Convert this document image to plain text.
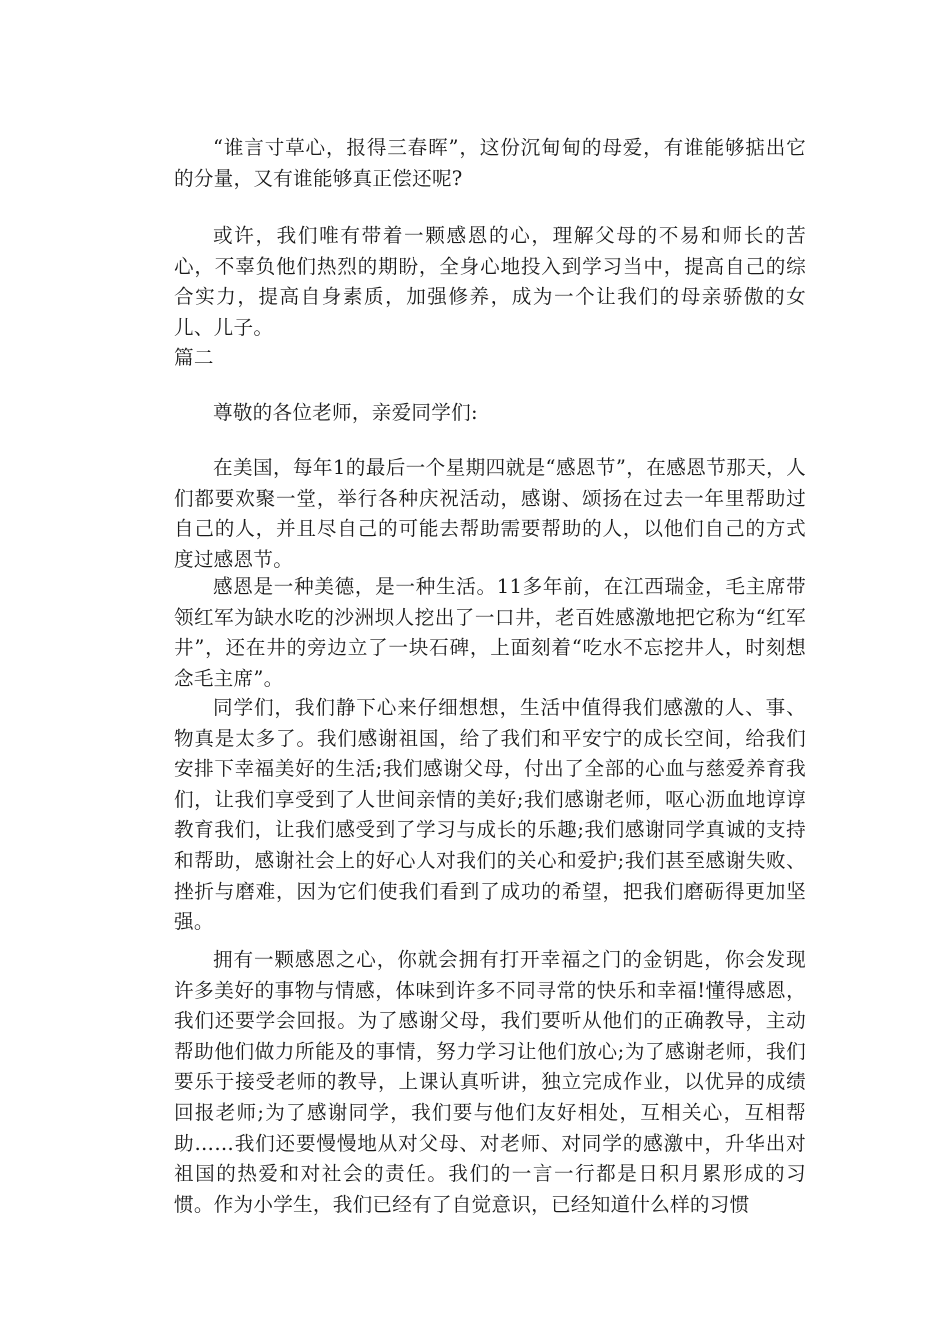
“谁言寸草心，报得三春晖”，这份沉甸甸的母爱，有谁能够掂出它的分量，又有谁能够真正偿还呢?

或许，我们唯有带着一颗感恩的心，理解父母的不易和师长的苦心，不辜负他们热烈的期盼，全身心地投入到学习当中，提高自己的综合实力，提高自身素质，加强修养，成为一个让我们的母亲骄傲的女儿、儿子。

篇二

尊敬的各位老师，亲爱同学们:

在美国，每年1的最后一个星期四就是“感恩节”，在感恩节那天，人们都要欢聚一堂，举行各种庆祝活动，感谢、颂扬在过去一年里帮助过自己的人，并且尽自己的可能去帮助需要帮助的人，以他们自己的方式度过感恩节。

感恩是一种美德，是一种生活。11多年前，在江西瑞金，毛主席带领红军为缺水吃的沙洲坝人挖出了一口井，老百姓感激地把它称为“红军井”，还在井的旁边立了一块石碑，上面刻着“吃水不忘挖井人，时刻想念毛主席”。

同学们，我们静下心来仔细想想，生活中值得我们感激的人、事、物真是太多了。我们感谢祖国，给了我们和平安宁的成长空间，给我们安排下幸福美好的生活;我们感谢父母，付出了全部的心血与慈爱养育我们，让我们享受到了人世间亲情的美好;我们感谢老师，呕心沥血地谆谆教育我们，让我们感受到了学习与成长的乐趣;我们感谢同学真诚的支持和帮助，感谢社会上的好心人对我们的关心和爱护;我们甚至感谢失败、挫折与磨难，因为它们使我们看到了成功的希望，把我们磨砺得更加坚强。

拥有一颗感恩之心，你就会拥有打开幸福之门的金钥匙，你会发现许多美好的事物与情感，体味到许多不同寻常的快乐和幸福!懂得感恩，我们还要学会回报。为了感谢父母，我们要听从他们的正确教导，主动帮助他们做力所能及的事情，努力学习让他们放心;为了感谢老师，我们要乐于接受老师的教导，上课认真听讲，独立完成作业，以优异的成绩回报老师;为了感谢同学，我们要与他们友好相处，互相关心，互相帮助……我们还要慢慢地从对父母、对老师、对同学的感激中，升华出对祖国的热爱和对社会的责任。我们的一言一行都是日积月累形成的习惯。作为小学生，我们已经有了自觉意识，已经知道什么样的习惯
